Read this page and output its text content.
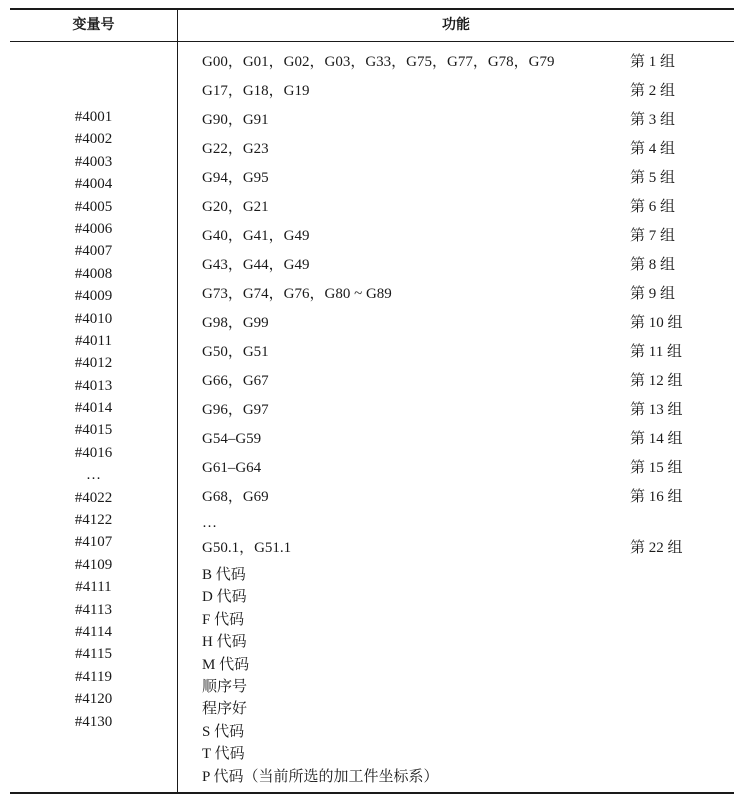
变量号	功能
#4001
#4002
#4003
#4004
#4005
#4006
#4007
#4008
#4009
#4010
#4011
#4012
#4013
#4014
#4015
#4016
…
#4022
#4122
#4107
#4109
#4111
#4113
#4114
#4115
#4119
#4120
#4130
G00，G01，G02，G03，G33，G75，G77，G78，G79
G17，G18，G19
G90，G91
G22，G23
G94，G95
G20，G21
G40，G41，G49
G43，G44，G49
G73，G74，G76，G80 ~ G89
G98，G99
G50，G51
G66，G67
G96，G97
G54–G59
G61–G64
G68，G69
…
G50.1，G51.1
第 1 组
第 2 组
第 3 组
第 4 组
第 5 组
第 6 组
第 7 组
第 8 组
第 9 组
第 10 组
第 11 组
第 12 组
第 13 组
第 14 组
第 15 组
第 16 组
第 22 组
B 代码
D 代码
F 代码
H 代码
M 代码
顺序号
程序好
S 代码
T 代码
P 代码（当前所选的加工件坐标系）
